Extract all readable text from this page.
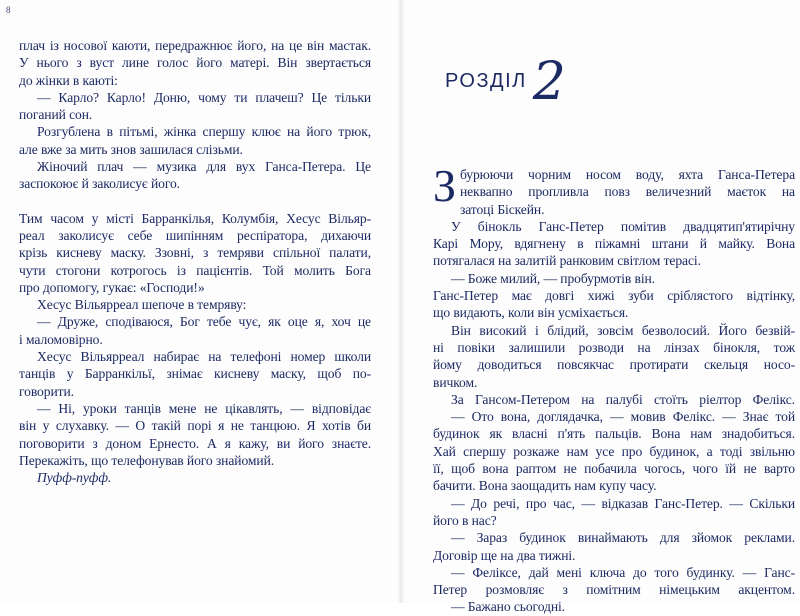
8
плач із носової каюти, передражнює його, на це він мастак.
У нього з вуст лине голос його матері. Він звертається
до жінки в каюті:
— Карло? Карло! Доню, чому ти плачеш? Це тільки
поганий сон.
Розгублена в пітьмі, жінка спершу клює на його трюк,
але вже за мить знов зашилася слізьми.
Жіночий плач — музика для вух Ганса-Петера. Це
заспокоює й заколисує його.
Тим часом у місті Барранкілья, Колумбія, Хесус Вільяр-
реал заколисує себе шипінням респіратора, дихаючи
крізь кисневу маску. Ззовні, з темряви спільної палати,
чути стогони котрогось із пацієнтів. Той молить Бога
про допомогу, гукає: «Господи!»
Хесус Вільярреал шепоче в темряву:
— Друже, сподіваюся, Бог тебе чує, як оце я, хоч це
і маломовірно.
Хесус Вільярреал набирає на телефоні номер школи
танців у Барранкільї, знімає кисневу маску, щоб по-
говорити.
— Ні, уроки танців мене не цікавлять, — відповідає
він у слухавку. — О такій порі я не танцюю. Я хотів би
поговорити з доном Ернесто. А я кажу, ви його знаєте.
Перекажіть, що телефонував його знайомий.
Пуфф-пуфф.
РОЗДІЛ 2
З бурюючи чорним носом воду, яхта Ганса-Петера
неквапно пропливла повз величезний маєток на
затоці Біскейн.
У бінокль Ганс-Петер помітив двадцятип'ятирічну
Карі Мору, вдягнену в піжамні штани й майку. Вона
потягалася на залитій ранковим світлом терасі.
— Боже милий, — пробурмотів він.
Ганс-Петер має довгі хижі зуби сріблястого відтінку,
що видають, коли він усміхається.
Він високий і блідий, зовсім безволосий. Його безвій-
ні повіки залишили розводи на лінзах бінокля, тож
йому доводиться повсякчас протирати скельця носо-
вичком.
За Гансом-Петером на палубі стоїть ріелтор Фелікс.
— Ото вона, доглядачка, — мовив Фелікс. — Знає той
будинок як власні п'ять пальців. Вона нам знадобиться.
Хай спершу розкаже нам усе про будинок, а тоді звільню
її, щоб вона раптом не побачила чогось, чого їй не варто
бачити. Вона заощадить нам купу часу.
— До речі, про час, — відказав Ганс-Петер. — Скільки
його в нас?
— Зараз будинок винаймають для зйомок реклами.
Договір ще на два тижні.
— Феліксе, дай мені ключа до того будинку. — Ганс-
Петер розмовляє з помітним німецьким акцентом.
— Бажано сьогодні.
